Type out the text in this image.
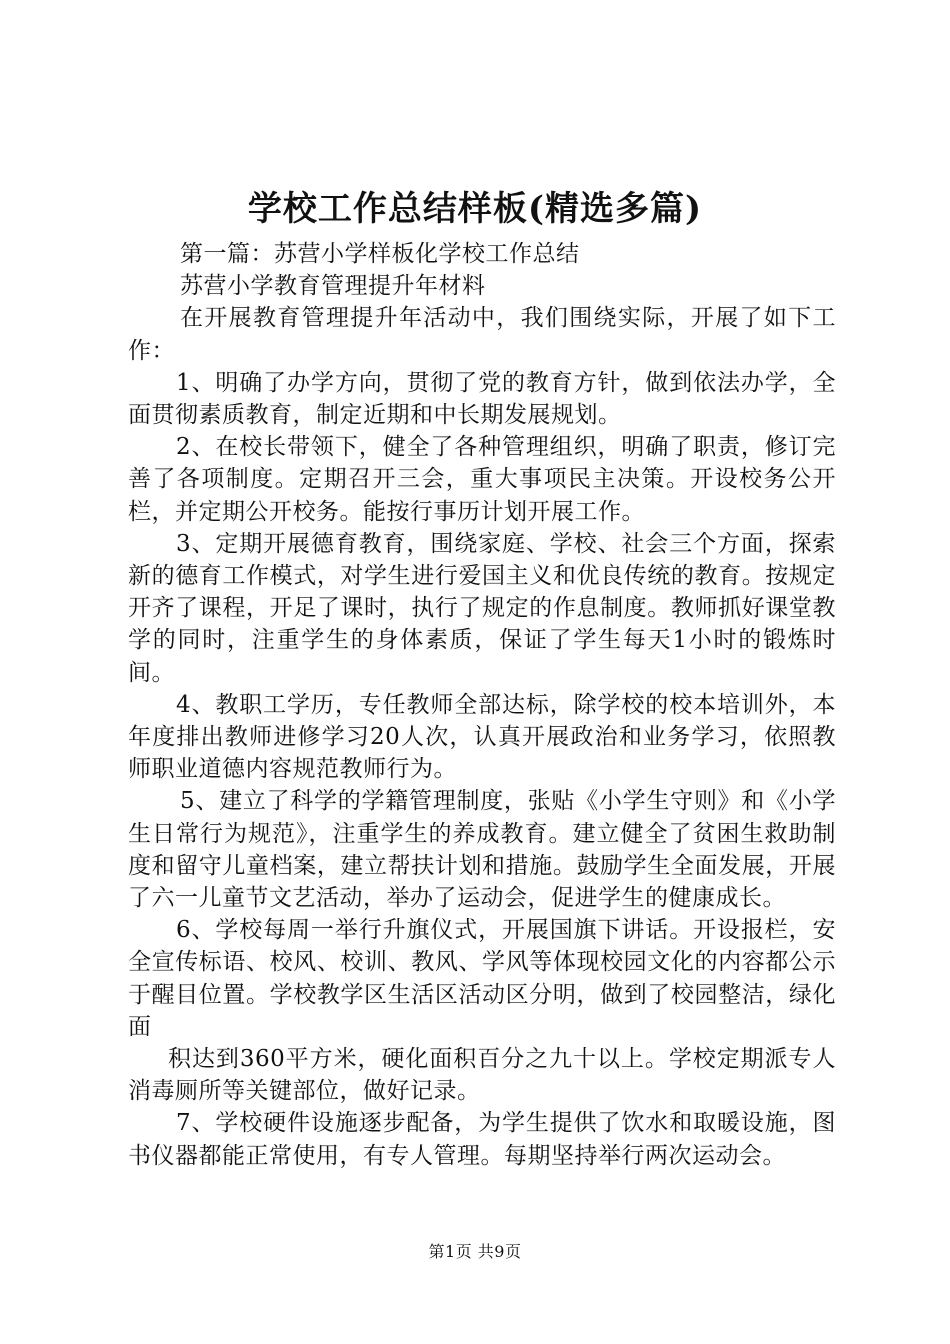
学校工作总结样板(精选多篇)

第一篇：苏营小学样板化学校工作总结

苏营小学教育管理提升年材料

在开展教育管理提升年活动中，我们围绕实际，开展了如下工作：

1、明确了办学方向，贯彻了党的教育方针，做到依法办学，全面贯彻素质教育，制定近期和中长期发展规划。

2、在校长带领下，健全了各种管理组织，明确了职责，修订完善了各项制度。定期召开三会，重大事项民主决策。开设校务公开栏，并定期公开校务。能按行事历计划开展工作。

3、定期开展德育教育，围绕家庭、学校、社会三个方面，探索新的德育工作模式，对学生进行爱国主义和优良传统的教育。按规定开齐了课程，开足了课时，执行了规定的作息制度。教师抓好课堂教学的同时，注重学生的身体素质，保证了学生每天1小时的锻炼时间。

4、教职工学历，专任教师全部达标，除学校的校本培训外，本年度排出教师进修学习20人次，认真开展政治和业务学习，依照教师职业道德内容规范教师行为。

5、建立了科学的学籍管理制度，张贴《小学生守则》和《小学生日常行为规范》，注重学生的养成教育。建立健全了贫困生救助制度和留守儿童档案，建立帮扶计划和措施。鼓励学生全面发展，开展了六一儿童节文艺活动，举办了运动会，促进学生的健康成长。

6、学校每周一举行升旗仪式，开展国旗下讲话。开设报栏，安全宣传标语、校风、校训、教风、学风等体现校园文化的内容都公示于醒目位置。学校教学区生活区活动区分明，做到了校园整洁，绿化面

积达到360平方米，硬化面积百分之九十以上。学校定期派专人消毒厕所等关键部位，做好记录。

7、学校硬件设施逐步配备，为学生提供了饮水和取暖设施，图书仪器都能正常使用，有专人管理。每期坚持举行两次运动会。

第1页 共9页
